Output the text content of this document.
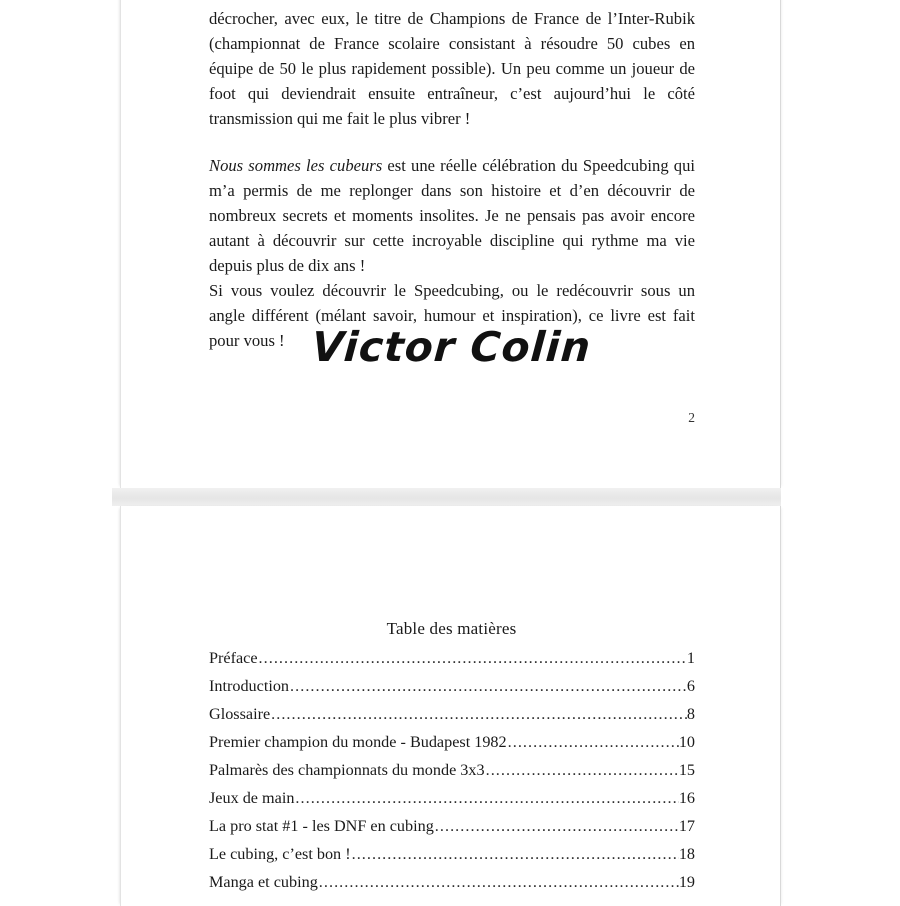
décrocher, avec eux, le titre de Champions de France de l’Inter-Rubik (championnat de France scolaire consistant à résoudre 50 cubes en équipe de 50 le plus rapidement possible). Un peu comme un joueur de foot qui deviendrait ensuite entraîneur, c’est aujourd’hui le côté transmission qui me fait le plus vibrer !

Nous sommes les cubeurs est une réelle célébration du Speedcubing qui m’a permis de me replonger dans son histoire et d’en découvrir de nombreux secrets et moments insolites. Je ne pensais pas avoir encore autant à découvrir sur cette incroyable discipline qui rythme ma vie depuis plus de dix ans !

Si vous voulez découvrir le Speedcubing, ou le redécouvrir sous un angle différent (mélant savoir, humour et inspiration), ce livre est fait pour vous ! Victor Colin
2
Table des matières
Préface .....	1
Introduction .....	6
Glossaire .....	8
Premier champion du monde - Budapest 1982 .....	10
Palmarès des championnats du monde 3x3 .....	15
Jeux de main .....	16
La pro stat #1 - les DNF en cubing .....	17
Le cubing, c’est bon ! .....	18
Manga et cubing .....	19
